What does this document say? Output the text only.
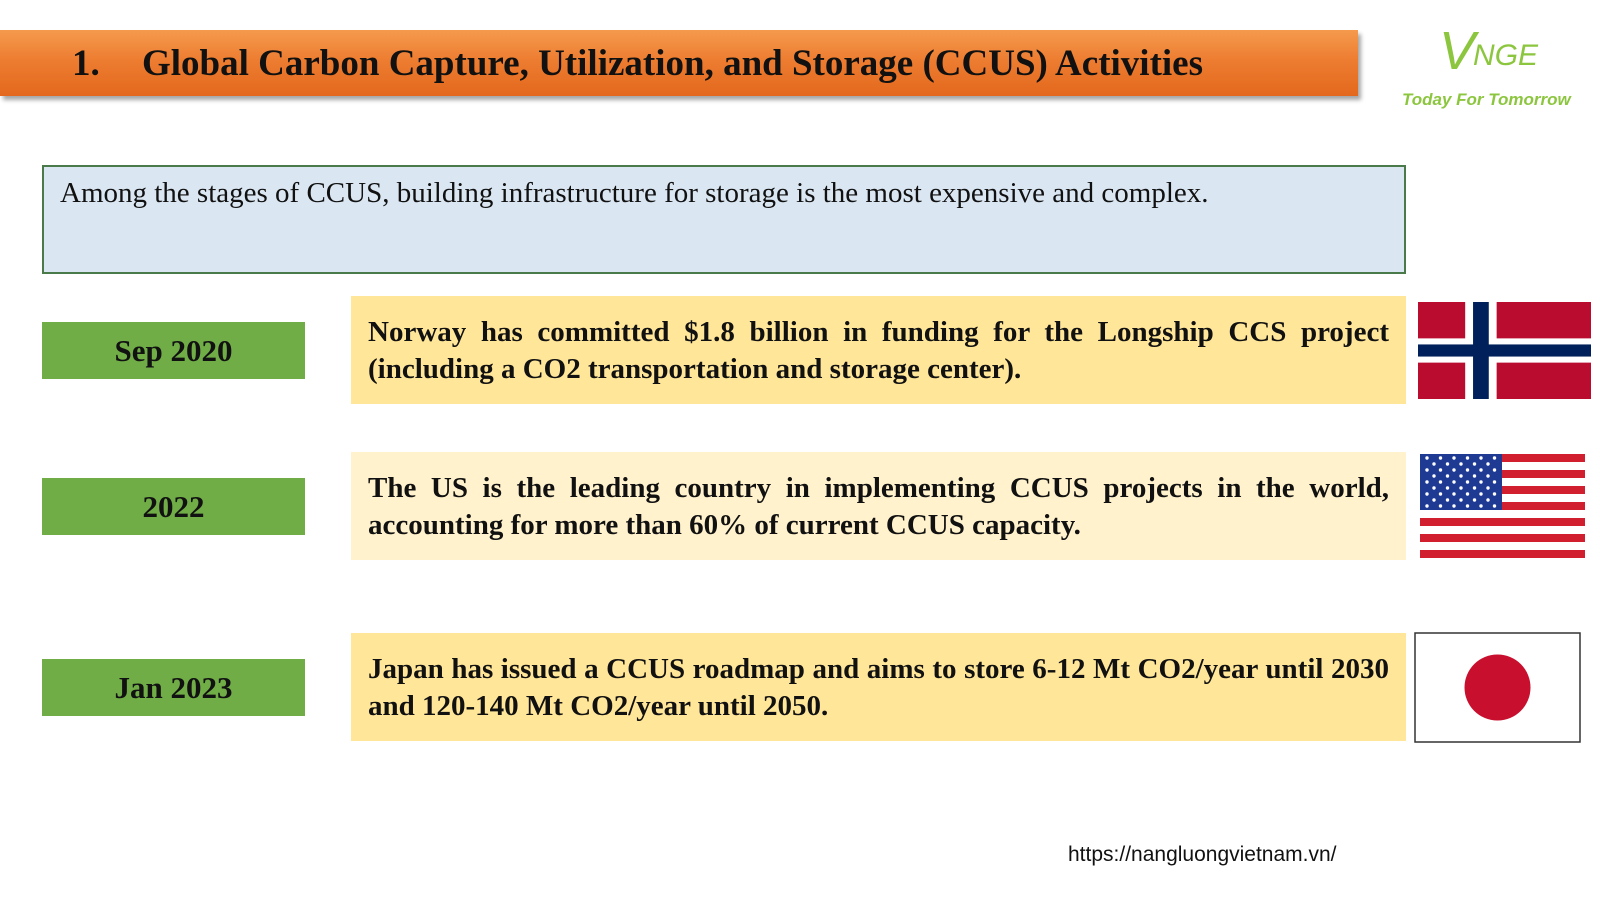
1.	Global Carbon Capture, Utilization, and Storage (CCUS) Activities	VNGE
Today For Tomorrow
Among the stages of CCUS, building infrastructure for storage is the most expensive and complex.
Sep 2020
Norway has committed $1.8 billion in funding for the Longship CCS project (including a CO2 transportation and storage center).
2022
The US is the leading country in implementing CCUS projects in the world, accounting for more than 60% of current CCUS capacity.
Jan 2023
Japan has issued a CCUS roadmap and aims to store 6-12 Mt CO2/year until 2030 and 120-140 Mt CO2/year until 2050.
https://nangluongvietnam.vn/
